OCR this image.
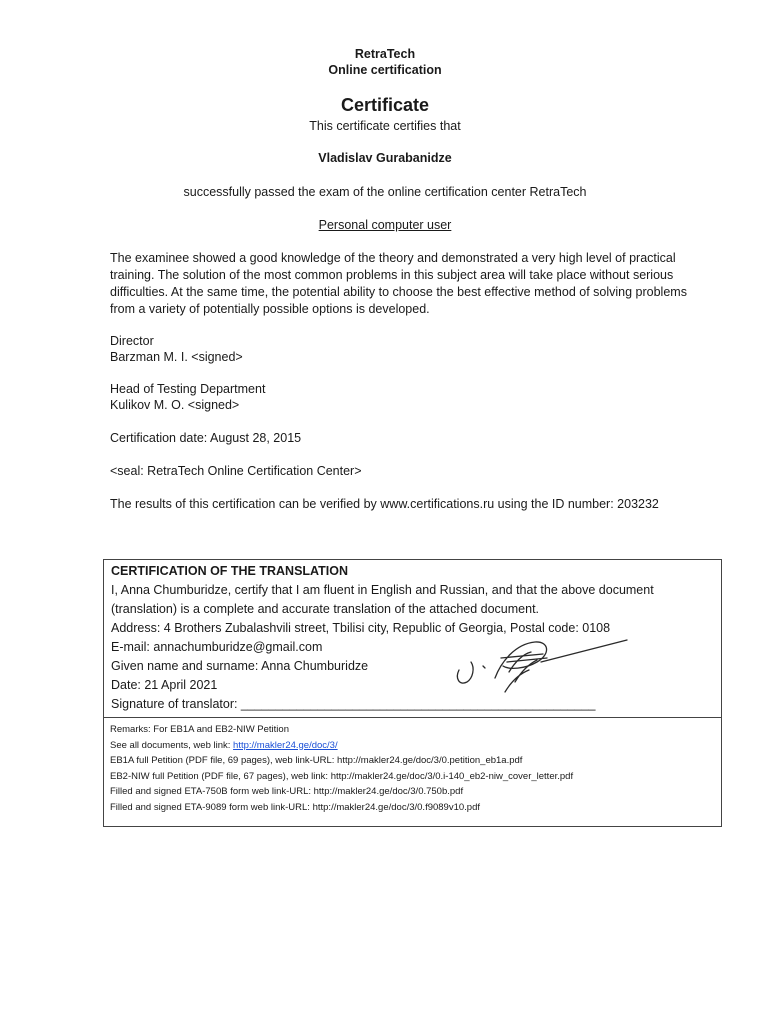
RetraTech
Online certification
Certificate
This certificate certifies that
Vladislav Gurabanidze
successfully passed the exam of the online certification center RetraTech
Personal computer user
The examinee showed a good knowledge of the theory and demonstrated a very high level of practical training. The solution of the most common problems in this subject area will take place without serious difficulties. At the same time, the potential ability to choose the best effective method of solving problems from a variety of potentially possible options is developed.
Director
Barzman M. I. <signed>
Head of Testing Department
Kulikov M. O. <signed>
Certification date: August 28, 2015
<seal: RetraTech Online Certification Center>
The results of this certification can be verified by www.certifications.ru using the ID number: 203232
CERTIFICATION OF THE TRANSLATION
I, Anna Chumburidze, certify that I am fluent in English and Russian, and that the above document
(translation) is a complete and accurate translation of the attached document.
Address: 4 Brothers Zubalashvili street, Tbilisi city, Republic of Georgia, Postal code: 0108
E-mail: annachumburidze@gmail.com
Given name and surname: Anna Chumburidze
Date: 21 April 2021
Signature of translator: ___________________________________________________
Remarks: For EB1A and EB2-NIW Petition
See all documents, web link: http://makler24.ge/doc/3/
EB1A full Petition (PDF file, 69 pages), web link-URL: http://makler24.ge/doc/3/0.petition_eb1a.pdf
EB2-NIW full Petition (PDF file, 67 pages), web link: http://makler24.ge/doc/3/0.i-140_eb2-niw_cover_letter.pdf
Filled and signed ETA-750B form web link-URL: http://makler24.ge/doc/3/0.750b.pdf
Filled and signed ETA-9089 form web link-URL: http://makler24.ge/doc/3/0.f9089v10.pdf
